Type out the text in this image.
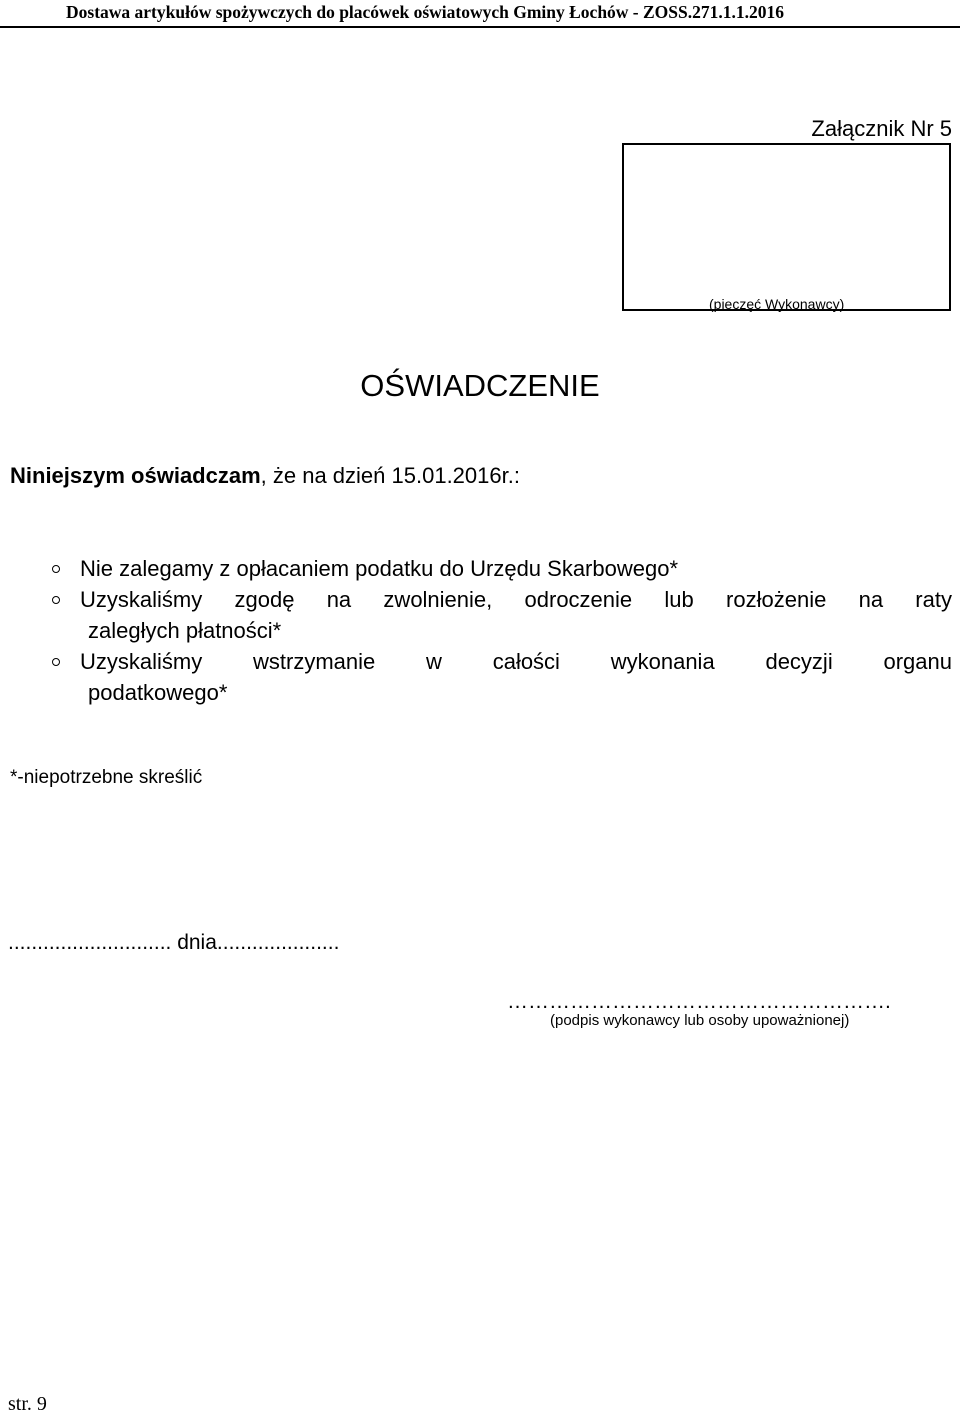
Dostawa artykułów spożywczych do placówek oświatowych Gminy Łochów - ZOSS.271.1.1.2016
Załącznik Nr 5
(pieczęć Wykonawcy)
OŚWIADCZENIE
Niniejszym oświadczam, że na dzień 15.01.2016r.:
Nie zalegamy z opłacaniem podatku do Urzędu Skarbowego*
Uzyskaliśmy zgodę na zwolnienie, odroczenie lub rozłożenie na raty
zaległych płatności*
Uzyskaliśmy wstrzymanie w całości wykonania decyzji organu
podatkowego*
*-niepotrzebne skreślić
............................ dnia.....................
……………………………………………….
(podpis wykonawcy lub osoby upoważnionej)
str. 9
